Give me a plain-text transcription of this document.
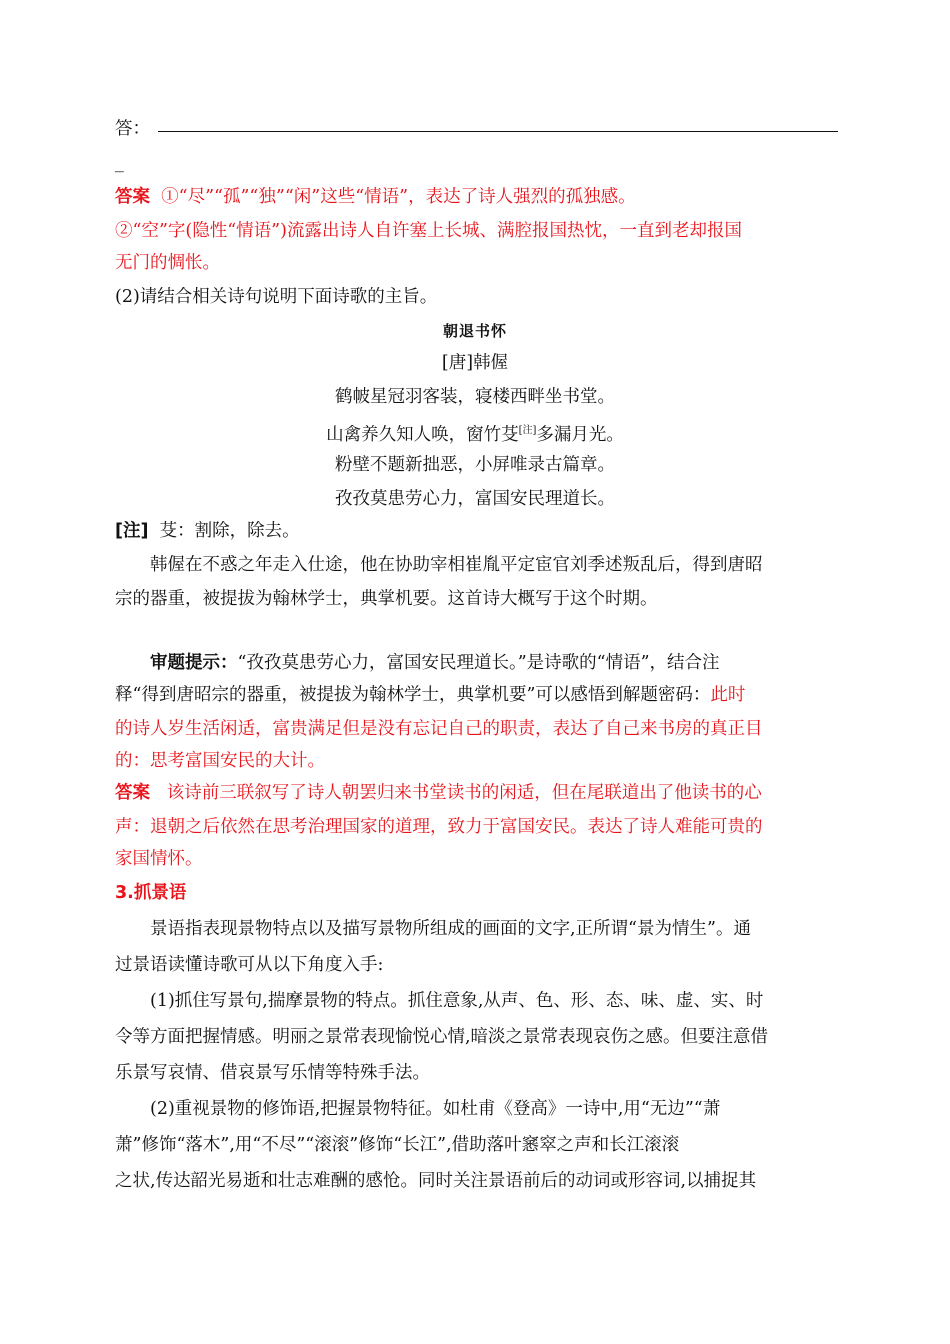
答：
_
答案 ①“尽”“孤”“独”“闲”这些“情语”，表达了诗人强烈的孤独感。
②“空”字(隐性“情语”)流露出诗人自许塞上长城、满腔报国热忱，一直到老却报国
无门的惆怅。
(2)请结合相关诗句说明下面诗歌的主旨。
朝退书怀
[唐]韩偓
鹤帔星冠羽客装，寝楼西畔坐书堂。
山禽养久知人唤，窗竹芟[注]多漏月光。
粉壁不题新拙恶，小屏唯录古篇章。
孜孜莫患劳心力，富国安民理道长。
[注] 芟：割除，除去。
韩偓在不惑之年走入仕途，他在协助宰相崔胤平定宦官刘季述叛乱后，得到唐昭
宗的器重，被提拔为翰林学士，典掌机要。这首诗大概写于这个时期。
审题提示：“孜孜莫患劳心力，富国安民理道长。”是诗歌的“情语”，结合注
释“得到唐昭宗的器重，被提拔为翰林学士，典掌机要”可以感悟到解题密码：此时
的诗人岁生活闲适，富贵满足但是没有忘记自己的职责，表达了自己来书房的真正目
的：思考富国安民的大计。
答案 该诗前三联叙写了诗人朝罢归来书堂读书的闲适，但在尾联道出了他读书的心
声：退朝之后依然在思考治理国家的道理，致力于富国安民。表达了诗人难能可贵的
家国情怀。
3.抓景语
景语指表现景物特点以及描写景物所组成的画面的文字,正所谓“景为情生”。通
过景语读懂诗歌可从以下角度入手:
(1)抓住写景句,揣摩景物的特点。抓住意象,从声、色、形、态、味、虚、实、时
令等方面把握情感。明丽之景常表现愉悦心情,暗淡之景常表现哀伤之感。但要注意借
乐景写哀情、借哀景写乐情等特殊手法。
(2)重视景物的修饰语,把握景物特征。如杜甫《登高》一诗中,用“无边”“萧
萧”修饰“落木”,用“不尽”“滚滚”修饰“长江”,借助落叶窸窣之声和长江滚滚
之状,传达韶光易逝和壮志难酬的感怆。同时关注景语前后的动词或形容词,以捕捉其
